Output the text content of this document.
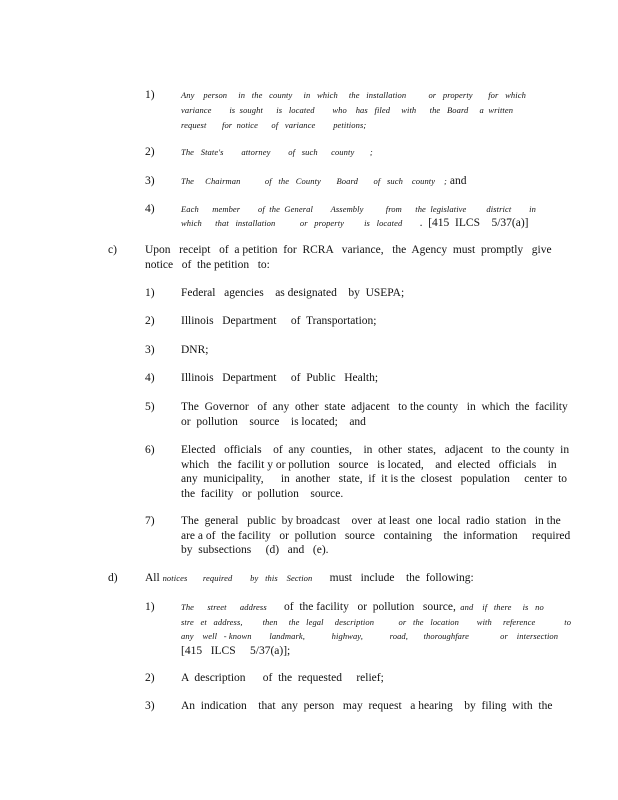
1)	Any    person     in   the   county     in   which     the   installation          or   property       for   which
variance        is  sought      is   located        who    has   filed     with      the   Board     a  written
request       for  notice      of   variance        petitions;
2)	The   State's        attorney        of   such      county       ;
3)	The     Chairman           of   the   County       Board       of   such    county    ; and
4)	Each      member        of  the  General        Assembly          from      the  legislative         district        in
which      that   installation           or   property         is   located      .  [415  ILCS    5/37(a)]
c) Upon   receipt   of  a petition  for  RCRA   variance,   the  Agency  must  promptly   give
notice   of  the petition   to:
1) Federal   agencies    as designated    by  USEPA;
2) Illinois   Department     of  Transportation;
3) DNR;
4) Illinois   Department     of  Public   Health;
5) The  Governor   of  any  other  state  adjacent   to the county   in  which  the  facility
or  pollution    source    is located;    and
6) Elected   officials    of  any  counties,    in  other  states,   adjacent   to  the county  in
which   the  facilit y or pollution   source   is located,    and  elected   officials    in
any  municipality,      in  another   state,  if  it is the  closest   population     center  to
the  facility   or  pollution    source.
7) The  general   public  by broadcast    over  at least  one  local  radio  station   in the
are a of  the facility   or  pollution   source   containing    the  information     required
by  subsections     (d)   and   (e).
d) All notices       required        by   this    Section      must   include    the  following:
1)	The      street      address      of  the facility   or  pollution   source,  and    if   there     is   no
stre   et   address,         then     the   legal     description           or   the   location        with     reference             to
any    well   - known        landmark,            highway,            road,       thoroughfare              or    intersection
[415   ILCS     5/37(a)];
2) A  description      of  the  requested     relief;
3) An  indication    that  any  person   may  request   a hearing    by  filing  with  the
